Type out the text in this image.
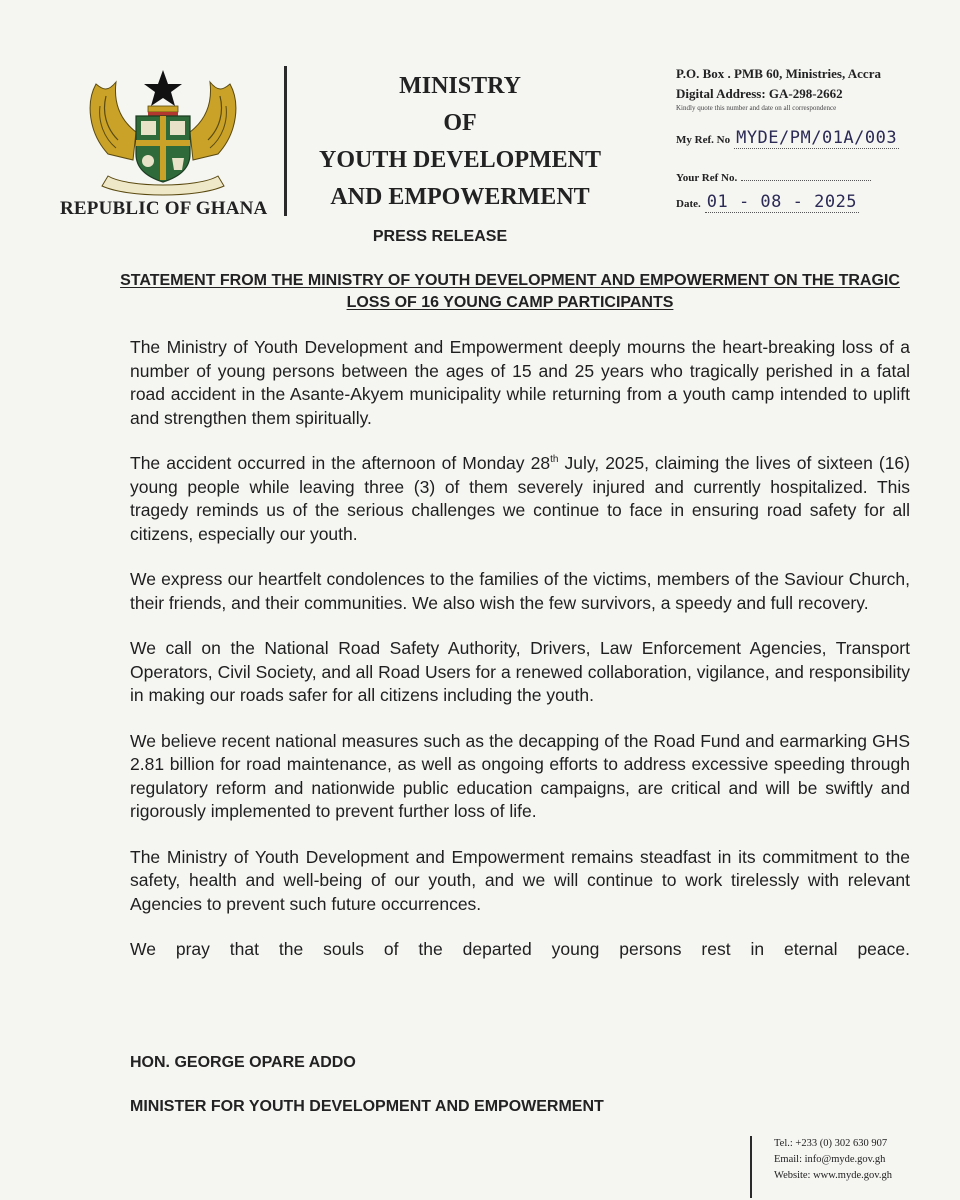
REPUBLIC OF GHANA
MINISTRY
OF
YOUTH DEVELOPMENT
AND EMPOWERMENT
P.O. Box . PMB 60, Ministries, Accra
Digital Address: GA-298-2662
Kindly quote this number and date on all correspondence
My Ref. No MYDE/PM/01A/003
Your Ref No.
Date. 01 - 08 - 2025
PRESS RELEASE
STATEMENT FROM THE MINISTRY OF YOUTH DEVELOPMENT AND EMPOWERMENT ON THE TRAGIC LOSS OF 16 YOUNG CAMP PARTICIPANTS

The Ministry of Youth Development and Empowerment deeply mourns the heart-breaking loss of a number of young persons between the ages of 15 and 25 years who tragically perished in a fatal road accident in the Asante-Akyem municipality while returning from a youth camp intended to uplift and strengthen them spiritually.

The accident occurred in the afternoon of Monday 28th July, 2025, claiming the lives of sixteen (16) young people while leaving three (3) of them severely injured and currently hospitalized. This tragedy reminds us of the serious challenges we continue to face in ensuring road safety for all citizens, especially our youth.

We express our heartfelt condolences to the families of the victims, members of the Saviour Church, their friends, and their communities. We also wish the few survivors, a speedy and full recovery.

We call on the National Road Safety Authority, Drivers, Law Enforcement Agencies, Transport Operators, Civil Society, and all Road Users for a renewed collaboration, vigilance, and responsibility in making our roads safer for all citizens including the youth.

We believe recent national measures such as the decapping of the Road Fund and earmarking GHS 2.81 billion for road maintenance, as well as ongoing efforts to address excessive speeding through regulatory reform and nationwide public education campaigns, are critical and will be swiftly and rigorously implemented to prevent further loss of life.

The Ministry of Youth Development and Empowerment remains steadfast in its commitment to the safety, health and well-being of our youth, and we will continue to work tirelessly with relevant Agencies to prevent such future occurrences.

We pray that the souls of the departed young persons rest in eternal peace.

HON. GEORGE OPARE ADDO
MINISTER FOR YOUTH DEVELOPMENT AND EMPOWERMENT
Tel.: +233 (0) 302 630 907
Email: info@myde.gov.gh
Website: www.myde.gov.gh
